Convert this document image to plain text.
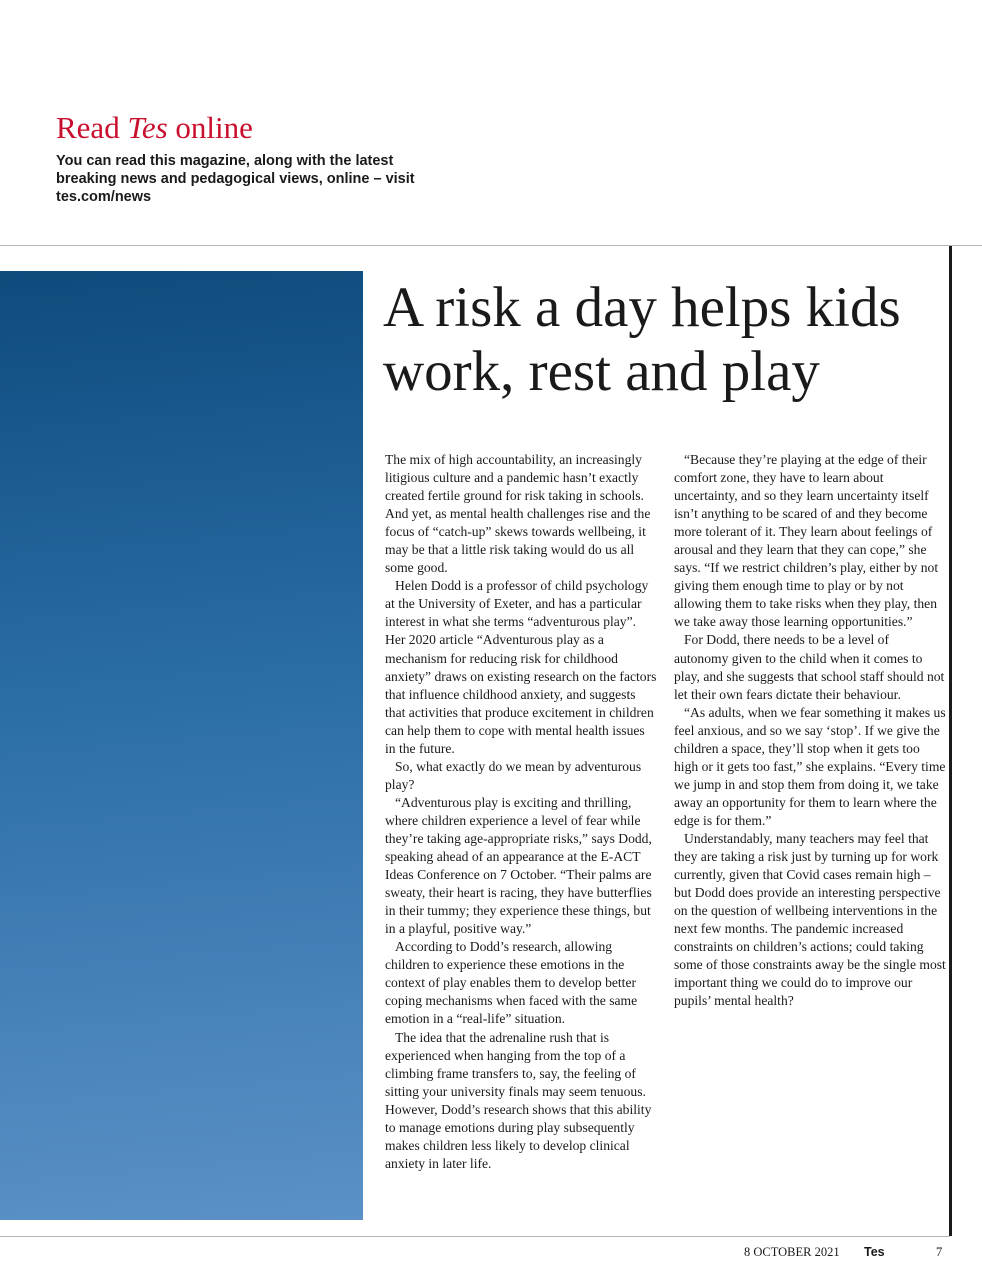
Read Tes online

You can read this magazine, along with the latest breaking news and pedagogical views, online – visit tes.com/news

A risk a day helps kids work, rest and play

The mix of high accountability, an increasingly litigious culture and a pandemic hasn’t exactly created fertile ground for risk taking in schools. And yet, as mental health challenges rise and the focus of “catch-up” skews towards wellbeing, it may be that a little risk taking would do us all some good.

Helen Dodd is a professor of child psychology at the University of Exeter, and has a particular interest in what she terms “adventurous play”. Her 2020 article “Adventurous play as a mechanism for reducing risk for childhood anxiety” draws on existing research on the factors that influence childhood anxiety, and suggests that activities that produce excitement in children can help them to cope with mental health issues in the future.

So, what exactly do we mean by adventurous play?

“Adventurous play is exciting and thrilling, where children experience a level of fear while they’re taking age-appropriate risks,” says Dodd, speaking ahead of an appearance at the E-ACT Ideas Conference on 7 October. “Their palms are sweaty, their heart is racing, they have butterflies in their tummy; they experience these things, but in a playful, positive way.”

According to Dodd’s research, allowing children to experience these emotions in the context of play enables them to develop better coping mechanisms when faced with the same emotion in a “real-life” situation.

The idea that the adrenaline rush that is experienced when hanging from the top of a climbing frame transfers to, say, the feeling of sitting your university finals may seem tenuous. However, Dodd’s research shows that this ability to manage emotions during play subsequently makes children less likely to develop clinical anxiety in later life.

“Because they’re playing at the edge of their comfort zone, they have to learn about uncertainty, and so they learn uncertainty itself isn’t anything to be scared of and they become more tolerant of it. They learn about feelings of arousal and they learn that they can cope,” she says. “If we restrict children’s play, either by not giving them enough time to play or by not allowing them to take risks when they play, then we take away those learning opportunities.”

For Dodd, there needs to be a level of autonomy given to the child when it comes to play, and she suggests that school staff should not let their own fears dictate their behaviour.

“As adults, when we fear something it makes us feel anxious, and so we say ‘stop’. If we give the children a space, they’ll stop when it gets too high or it gets too fast,” she explains. “Every time we jump in and stop them from doing it, we take away an opportunity for them to learn where the edge is for them.”

Understandably, many teachers may feel that they are taking a risk just by turning up for work currently, given that Covid cases remain high – but Dodd does provide an interesting perspective on the question of wellbeing interventions in the next few months. The pandemic increased constraints on children’s actions; could taking some of those constraints away be the single most important thing we could do to improve our pupils’ mental health?

8 OCTOBER 2021 Tes	7
